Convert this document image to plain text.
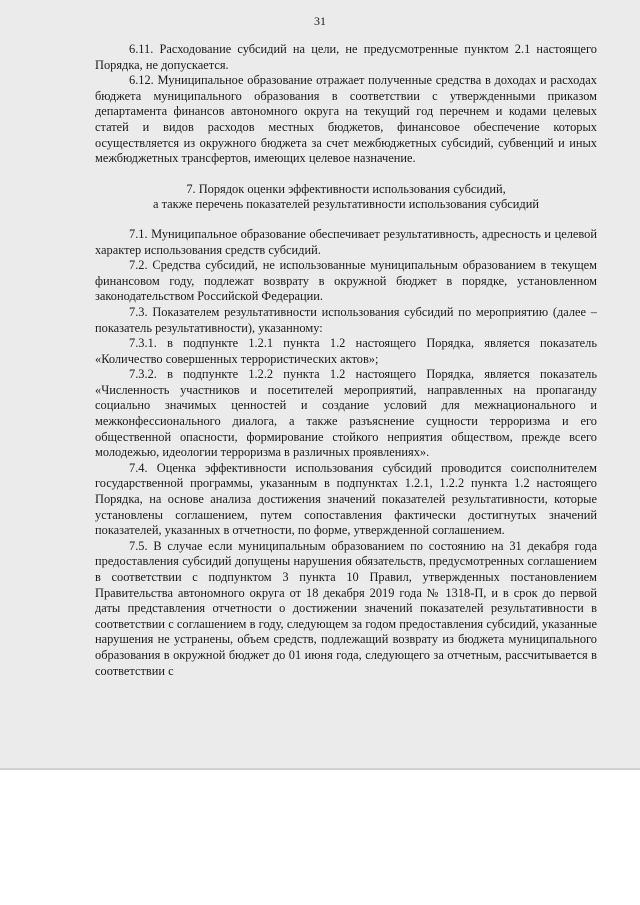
31

6.11. Расходование субсидий на цели, не предусмотренные пунктом 2.1 настоящего Порядка, не допускается.

6.12. Муниципальное образование отражает полученные средства в доходах и расходах бюджета муниципального образования в соответствии с утвержденными приказом департамента финансов автономного округа на текущий год перечнем и кодами целевых статей и видов расходов местных бюджетов, финансовое обеспечение которых осуществляется из окружного бюджета за счет межбюджетных субсидий, субвенций и иных межбюджетных трансфертов, имеющих целевое назначение.

7. Порядок оценки эффективности использования субсидий,
а также перечень показателей результативности использования субсидий

7.1. Муниципальное образование обеспечивает результативность, адресность и целевой характер использования средств субсидий.

7.2. Средства субсидий, не использованные муниципальным образованием в текущем финансовом году, подлежат возврату в окружной бюджет в порядке, установленном законодательством Российской Федерации.

7.3. Показателем результативности использования субсидий по мероприятию (далее – показатель результативности), указанному:

7.3.1. в подпункте 1.2.1 пункта 1.2 настоящего Порядка, является показатель «Количество совершенных террористических актов»;

7.3.2. в подпункте 1.2.2 пункта 1.2 настоящего Порядка, является показатель «Численность участников и посетителей мероприятий, направленных на пропаганду социально значимых ценностей и создание условий для межнационального и межконфессионального диалога, а также разъяснение сущности терроризма и его общественной опасности, формирование стойкого неприятия обществом, прежде всего молодежью, идеологии терроризма в различных проявлениях».

7.4. Оценка эффективности использования субсидий проводится соисполнителем государственной программы, указанным в подпунктах 1.2.1, 1.2.2 пункта 1.2 настоящего Порядка, на основе анализа достижения значений показателей результативности, которые установлены соглашением, путем сопоставления фактически достигнутых значений показателей, указанных в отчетности, по форме, утвержденной соглашением.

7.5. В случае если муниципальным образованием по состоянию на 31 декабря года предоставления субсидий допущены нарушения обязательств, предусмотренных соглашением в соответствии с подпунктом 3 пункта 10 Правил, утвержденных постановлением Правительства автономного округа от 18 декабря 2019 года № 1318-П, и в срок до первой даты представления отчетности о достижении значений показателей результативности в соответствии с соглашением в году, следующем за годом предоставления субсидий, указанные нарушения не устранены, объем средств, подлежащий возврату из бюджета муниципального образования в окружной бюджет до 01 июня года, следующего за отчетным, рассчитывается в соответствии с
